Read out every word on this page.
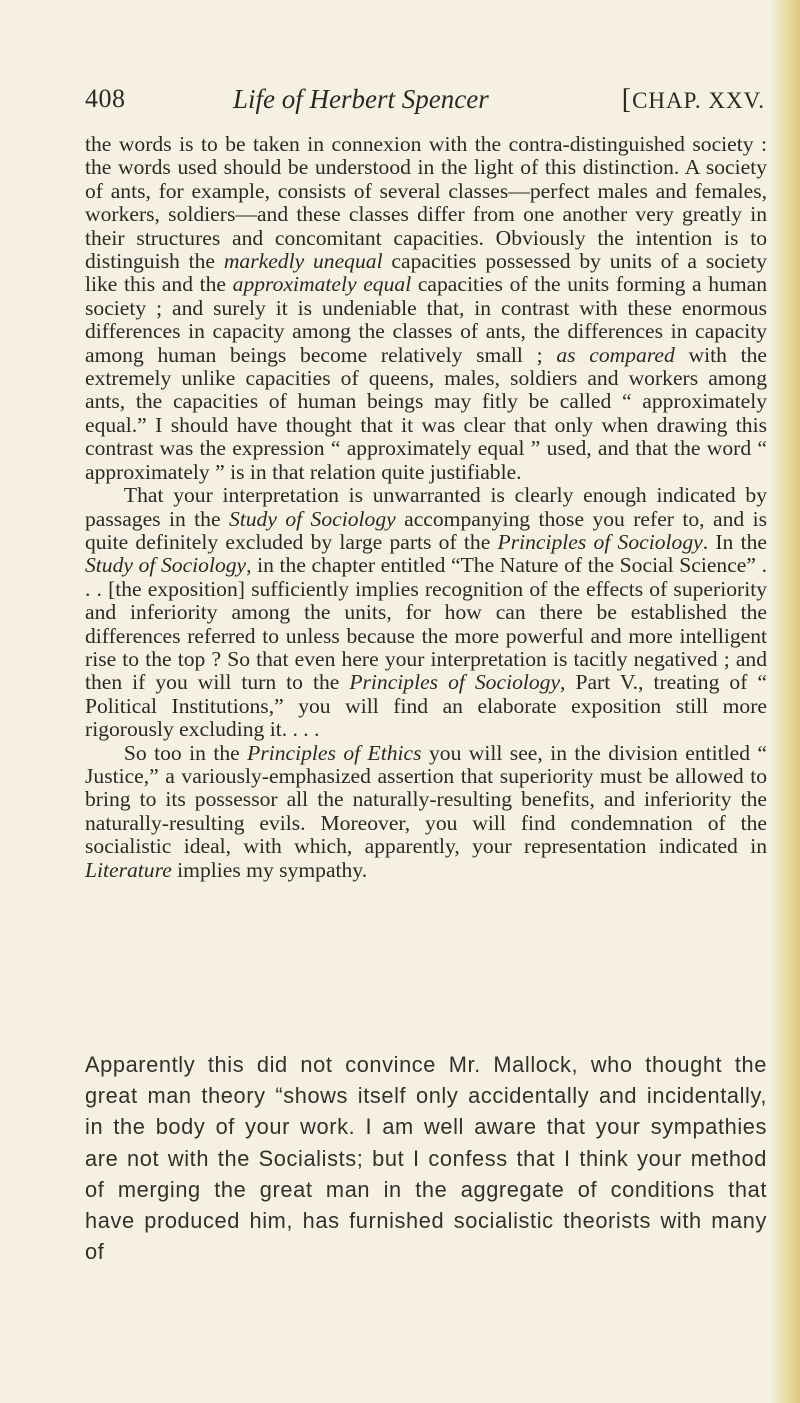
408	Life of Herbert Spencer	[CHAP. XXV.

the words is to be taken in connexion with the contra-distinguished society : the words used should be understood in the light of this distinction. A society of ants, for example, consists of several classes—perfect males and females, workers, soldiers—and these classes differ from one another very greatly in their structures and concomitant capacities. Obviously the intention is to distinguish the markedly unequal capacities possessed by units of a society like this and the approximately equal capacities of the units forming a human society ; and surely it is undeniable that, in contrast with these enormous differences in capacity among the classes of ants, the differences in capacity among human beings become relatively small ; as compared with the extremely unlike capacities of queens, males, soldiers and workers among ants, the capacities of human beings may fitly be called “ approximately equal.” I should have thought that it was clear that only when drawing this contrast was the expression “ approximately equal ” used, and that the word “ approximately ” is in that relation quite justifiable.

That your interpretation is unwarranted is clearly enough indicated by passages in the Study of Sociology accompanying those you refer to, and is quite definitely excluded by large parts of the Principles of Sociology. In the Study of Sociology, in the chapter entitled “The Nature of the Social Science” . . . [the exposition] sufficiently implies recognition of the effects of superiority and inferiority among the units, for how can there be established the differences referred to unless because the more powerful and more intelligent rise to the top ? So that even here your interpretation is tacitly negatived ; and then if you will turn to the Principles of Sociology, Part V., treating of “ Political Institutions,” you will find an elaborate exposition still more rigorously excluding it. . . .

So too in the Principles of Ethics you will see, in the division entitled “ Justice,” a variously-emphasized assertion that superiority must be allowed to bring to its possessor all the naturally-resulting benefits, and inferiority the naturally-resulting evils. Moreover, you will find condemnation of the socialistic ideal, with which, apparently, your representation indicated in Literature implies my sympathy.

Apparently this did not convince Mr. Mallock, who thought the great man theory “shows itself only accidentally and incidentally, in the body of your work. I am well aware that your sympathies are not with the Socialists; but I confess that I think your method of merging the great man in the aggregate of conditions that have produced him, has furnished socialistic theorists with many of
